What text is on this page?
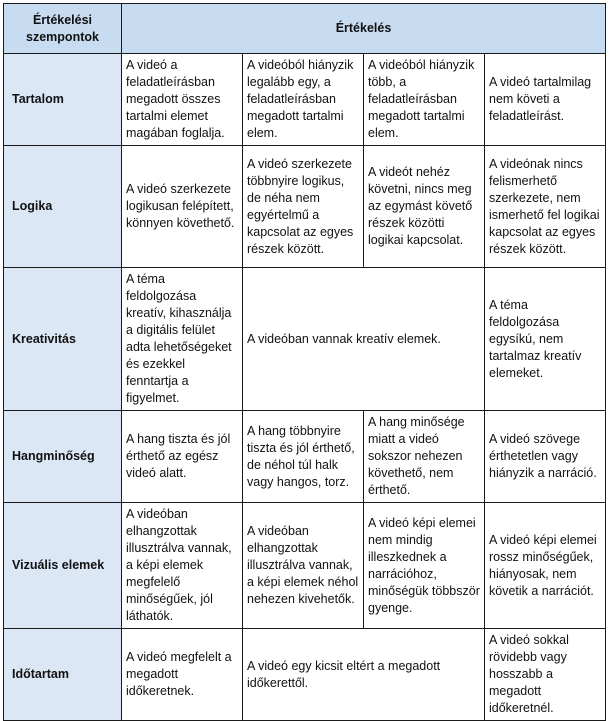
Értékelési szempontok	Értékelés			
Tartalom	A videó a feladatleírásban megadott összes tartalmi elemet magában foglalja.	A videóból hiányzik legalább egy, a feladatleírásban megadott tartalmi elem.	A videóból hiányzik több, a feladatleírásban megadott tartalmi elem.	A videó tartalmilag nem követi a feladatleírást.
Logika	A videó szerkezete logikusan felépített, könnyen követhető.	A videó szerkezete többnyire logikus, de néha nem egyértelmű a kapcsolat az egyes részek között.	A videót nehéz követni, nincs meg az egymást követő részek közötti logikai kapcsolat.	A videónak nincs felismerhető szerkezete, nem ismerhető fel logikai kapcsolat az egyes részek között.
Kreativitás	A téma feldolgozása kreatív, kihasználja a digitális felület adta lehetőségeket és ezekkel fenntartja a figyelmet.	A videóban vannak kreatív elemek.		A téma feldolgozása egysíkú, nem tartalmaz kreatív elemeket.
Hangminőség	A hang tiszta és jól érthető az egész videó alatt.	A hang többnyire tiszta és jól érthető, de néhol túl halk vagy hangos, torz.	A hang minősége miatt a videó sokszor nehezen követhető, nem érthető.	A videó szövege érthetetlen vagy hiányzik a narráció.
Vizuális elemek	A videóban elhangzottak illusztrálva vannak, a képi elemek megfelelő minőségűek, jól láthatók.	A videóban elhangzottak illusztrálva vannak, a képi elemek néhol nehezen kivehetők.	A videó képi elemei nem mindig illeszkednek a narrációhoz, minőségük többször gyenge.	A videó képi elemei rossz minőségűek, hiányosak, nem követik a narrációt.
Időtartam	A videó megfelelt a megadott időkeretnek.	A videó egy kicsit eltért a megadott időkerettől.		A videó sokkal rövidebb vagy hosszabb a megadott időkeretnél.
